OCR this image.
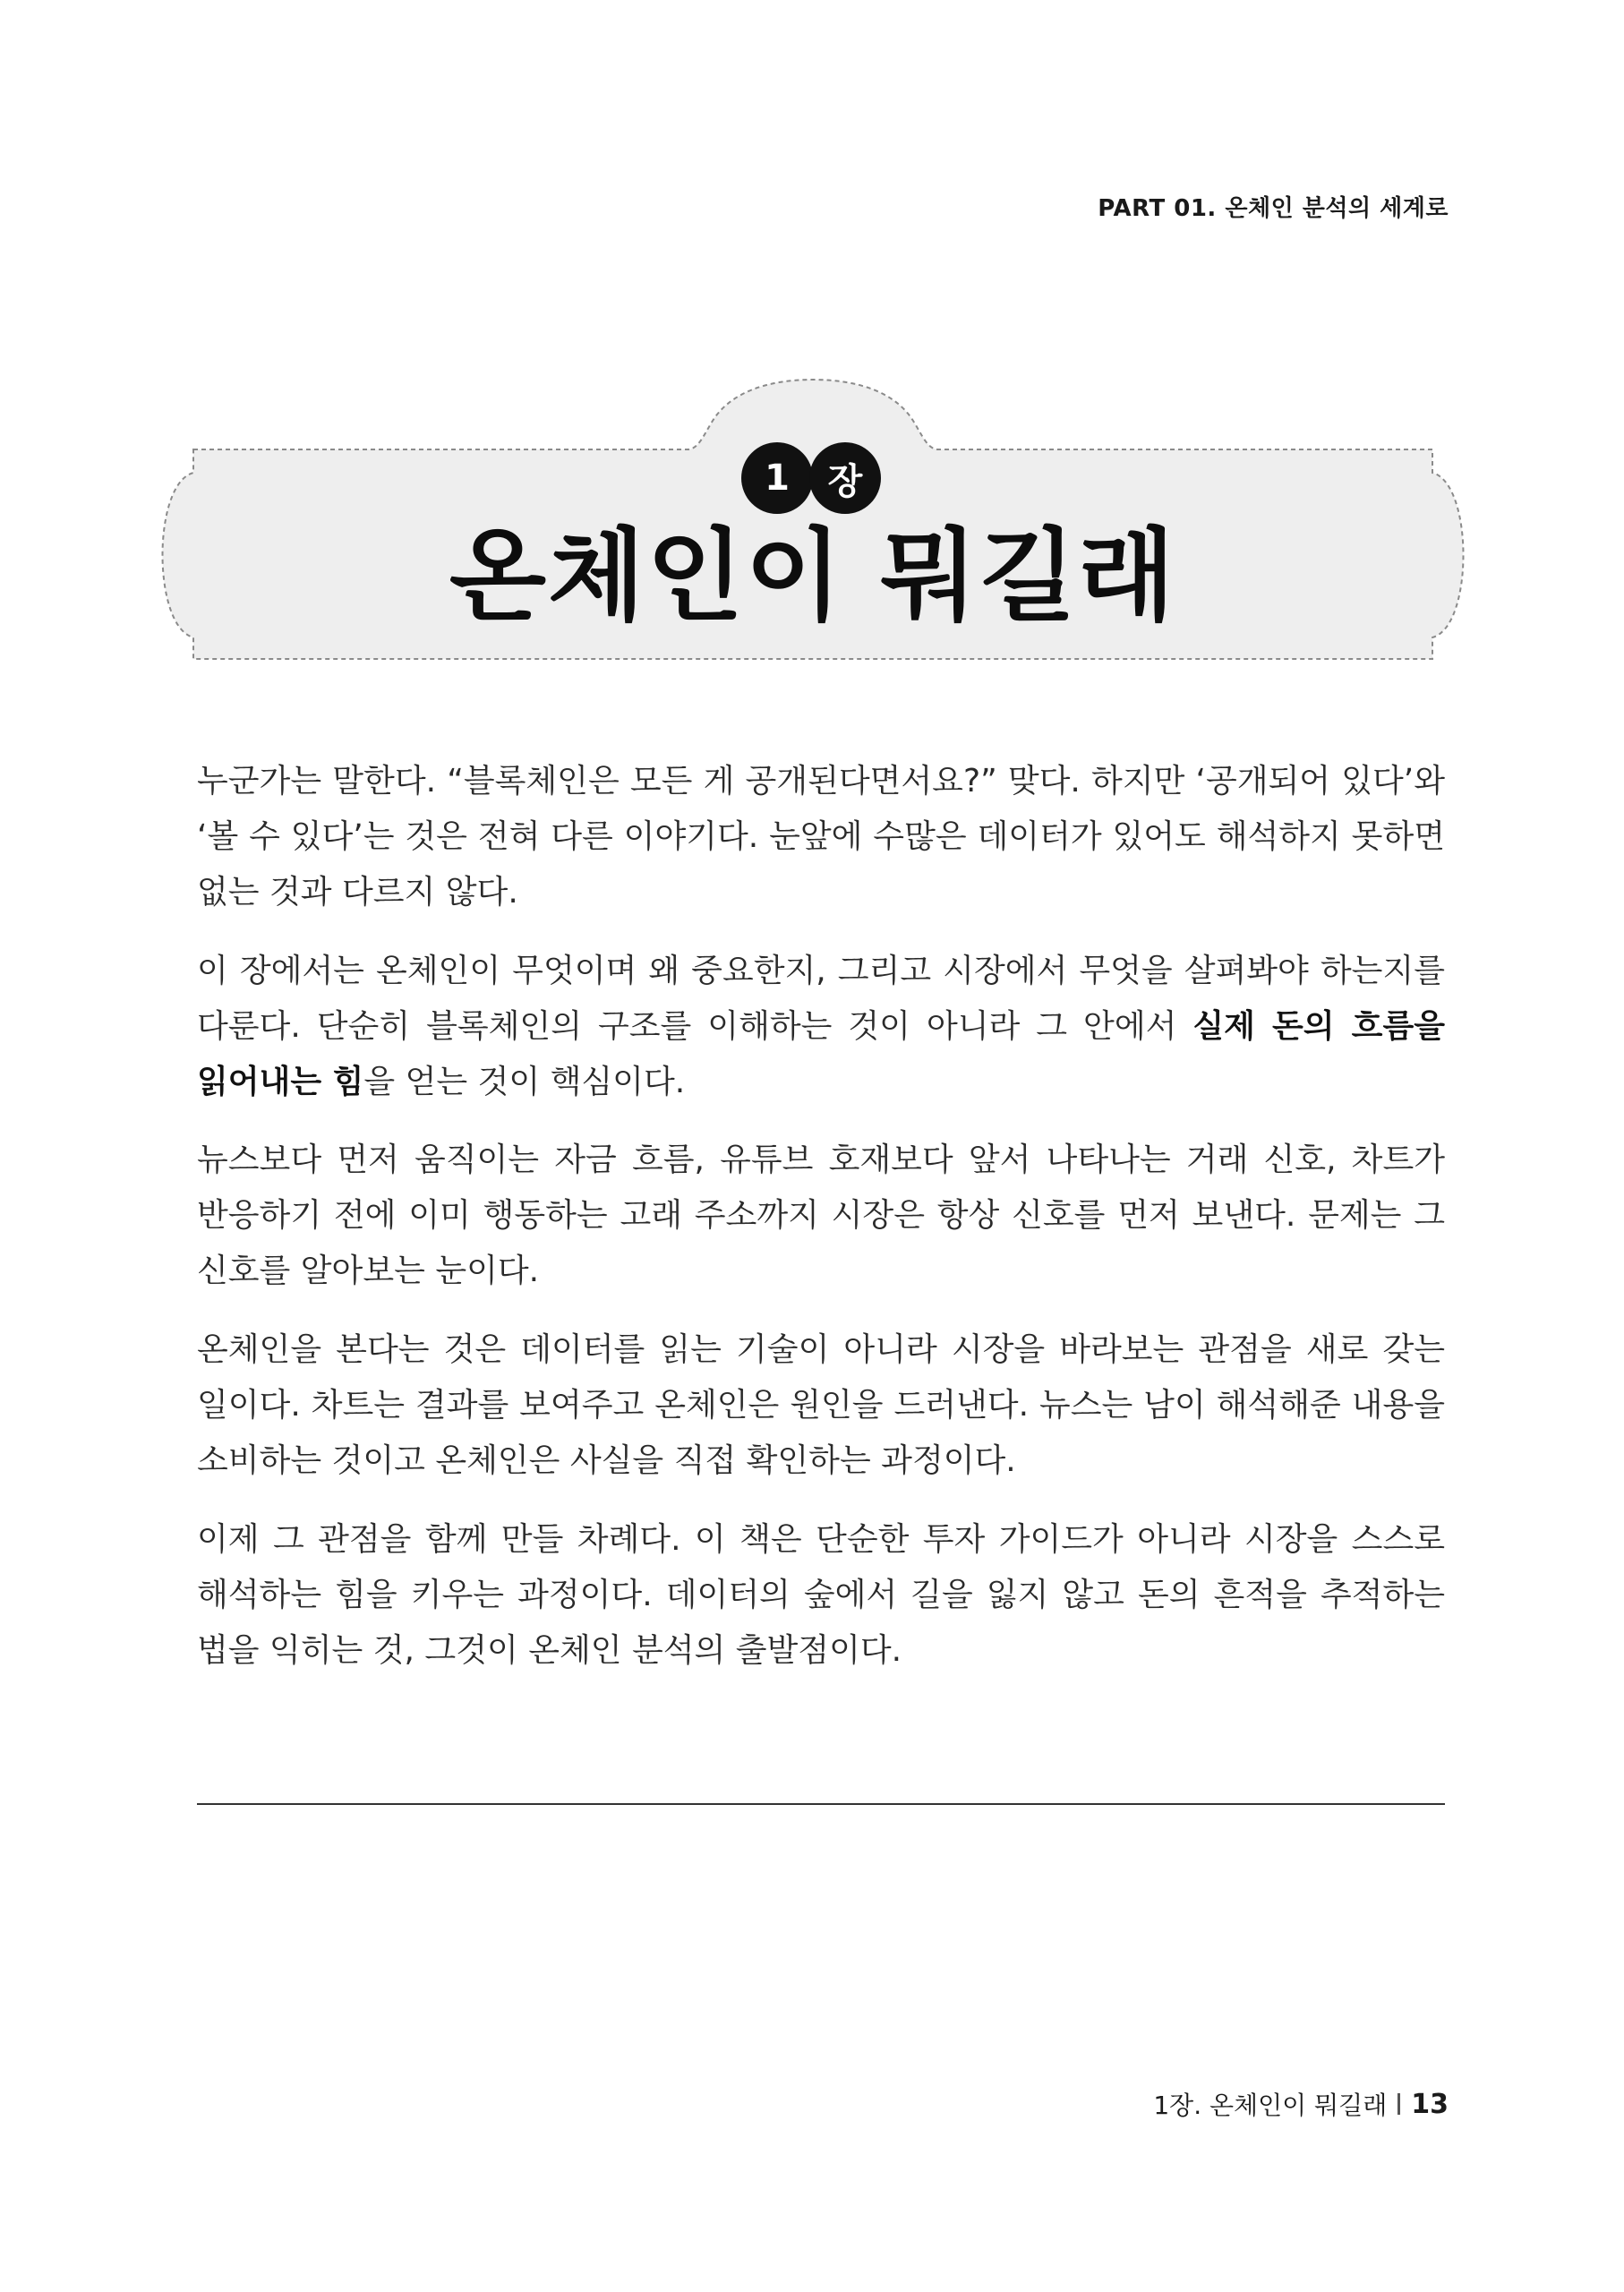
PART 01. 온체인 분석의 세계로
1	장
온체인이 뭐길래

누군가는 말한다. “블록체인은 모든 게 공개된다면서요?” 맞다. 하지만 ‘공개되어 있다’와 ‘볼 수 있다’는 것은 전혀 다른 이야기다. 눈앞에 수많은 데이터가 있어도 해석하지 못하면 없는 것과 다르지 않다.

이 장에서는 온체인이 무엇이며 왜 중요한지, 그리고 시장에서 무엇을 살펴봐야 하는지를 다룬다. 단순히 블록체인의 구조를 이해하는 것이 아니라 그 안에서 실제 돈의 흐름을 읽어내는 힘을 얻는 것이 핵심이다.

뉴스보다 먼저 움직이는 자금 흐름, 유튜브 호재보다 앞서 나타나는 거래 신호, 차트가 반응하기 전에 이미 행동하는 고래 주소까지 시장은 항상 신호를 먼저 보낸다. 문제는 그 신호를 알아보는 눈이다.

온체인을 본다는 것은 데이터를 읽는 기술이 아니라 시장을 바라보는 관점을 새로 갖는 일이다. 차트는 결과를 보여주고 온체인은 원인을 드러낸다. 뉴스는 남이 해석해준 내용을 소비하는 것이고 온체인은 사실을 직접 확인하는 과정이다.

이제 그 관점을 함께 만들 차례다. 이 책은 단순한 투자 가이드가 아니라 시장을 스스로 해석하는 힘을 키우는 과정이다. 데이터의 숲에서 길을 잃지 않고 돈의 흔적을 추적하는 법을 익히는 것, 그것이 온체인 분석의 출발점이다.

1장. 온체인이 뭐길래 13
